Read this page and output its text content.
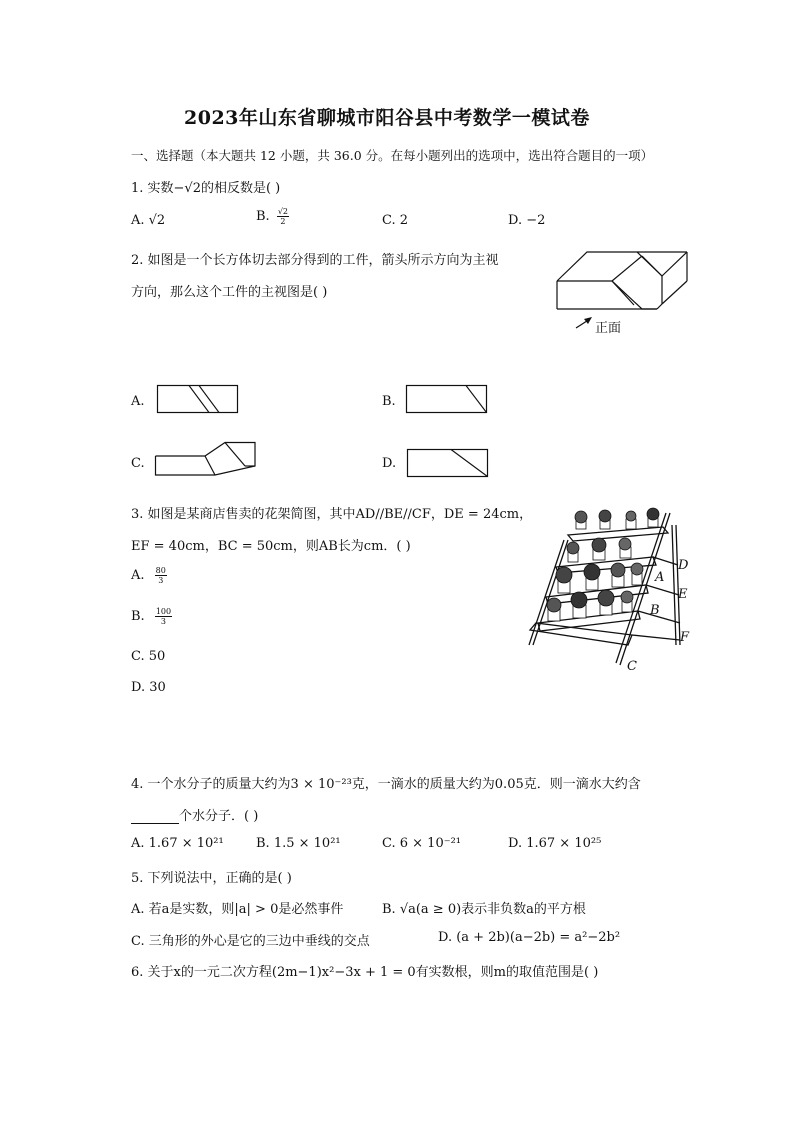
2023年山东省聊城市阳谷县中考数学一模试卷
一、选择题（本大题共 12 小题，共 36.0 分。在每小题列出的选项中，选出符合题目的一项）
1. 实数−√2的相反数是( )
A. √2	B. $\frac{√2}{2}$	C. 2	D. −2
2. 如图是一个长方体切去部分得到的工件，箭头所示方向为主视
方向，那么这个工件的主视图是( )
正面
A.	B.
C.	D.
3. 如图是某商店售卖的花架简图，其中AD//BE//CF，DE = 24cm，
EF = 40cm，BC = 50cm，则AB长为cm．( )
A. $\frac{80}{3}$
B. $\frac{100}{3}$
C. 50
D. 30
D
A
E
B
F
C
4. 一个水分子的质量大约为3 × 10⁻²³克，一滴水的质量大约为0.05克．则一滴水大约含
个水分子．( )
A. 1.67 × 10²¹ B. 1.5 × 10²¹	C. 6 × 10⁻²¹	D. 1.67 × 10²⁵
5. 下列说法中，正确的是( )
A. 若a是实数，则|a| > 0是必然事件	B. √a(a ≥ 0)表示非负数a的平方根
C. 三角形的外心是它的三边中垂线的交点	D. (a + 2b)(a−2b) = a²−2b²
6. 关于x的一元二次方程(2m−1)x²−3x + 1 = 0有实数根，则m的取值范围是( )
